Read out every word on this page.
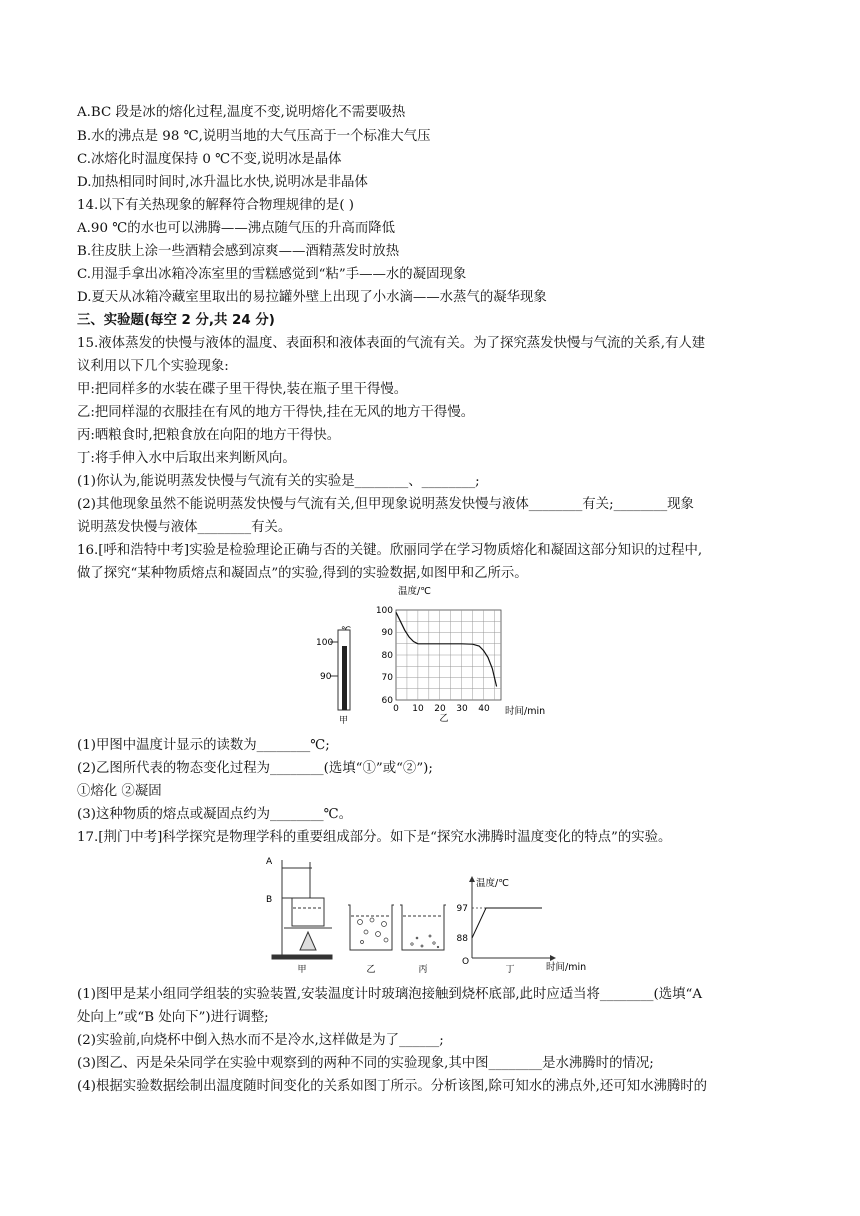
A.BC 段是冰的熔化过程,温度不变,说明熔化不需要吸热
B.水的沸点是 98 ℃,说明当地的大气压高于一个标准大气压
C.冰熔化时温度保持 0 ℃不变,说明冰是晶体
D.加热相同时间时,冰升温比水快,说明冰是非晶体
14.以下有关热现象的解释符合物理规律的是( )
A.90 ℃的水也可以沸腾——沸点随气压的升高而降低
B.往皮肤上涂一些酒精会感到凉爽——酒精蒸发时放热
C.用湿手拿出冰箱冷冻室里的雪糕感觉到“粘”手——水的凝固现象
D.夏天从冰箱冷藏室里取出的易拉罐外壁上出现了小水滴——水蒸气的凝华现象
三、实验题(每空 2 分,共 24 分)
15.液体蒸发的快慢与液体的温度、表面积和液体表面的气流有关。为了探究蒸发快慢与气流的关系,有人建
议利用以下几个实验现象:
甲:把同样多的水装在碟子里干得快,装在瓶子里干得慢。
乙:把同样湿的衣服挂在有风的地方干得快,挂在无风的地方干得慢。
丙:晒粮食时,把粮食放在向阳的地方干得快。
丁:将手伸入水中后取出来判断风向。
(1)你认为,能说明蒸发快慢与气流有关的实验是________、________;
(2)其他现象虽然不能说明蒸发快慢与气流有关,但甲现象说明蒸发快慢与液体________有关;________现象
说明蒸发快慢与液体________有关。
16.[呼和浩特中考]实验是检验理论正确与否的关键。欣丽同学在学习物质熔化和凝固这部分知识的过程中,
做了探究“某种物质熔点和凝固点”的实验,得到的实验数据,如图甲和乙所示。
100
90
甲
温度/℃
时间/min
100
90
80
70
60
0 10 20 30 40
乙
(1)甲图中温度计显示的读数为________℃;
(2)乙图所代表的物态变化过程为________(选填“①”或“②”);
①熔化 ②凝固
(3)这种物质的熔点或凝固点约为________℃。
17.[荆门中考]科学探究是物理学科的重要组成部分。如下是“探究水沸腾时温度变化的特点”的实验。
A
B
甲	乙	丙
温度/℃
时间/min
O
97
88
丁
(1)图甲是某小组同学组装的实验装置,安装温度计时玻璃泡接触到烧杯底部,此时应适当将________(选填“A
处向上”或“B 处向下”)进行调整;
(2)实验前,向烧杯中倒入热水而不是冷水,这样做是为了______;
(3)图乙、丙是朵朵同学在实验中观察到的两种不同的实验现象,其中图________是水沸腾时的情况;
(4)根据实验数据绘制出温度随时间变化的关系如图丁所示。分析该图,除可知水的沸点外,还可知水沸腾时的
